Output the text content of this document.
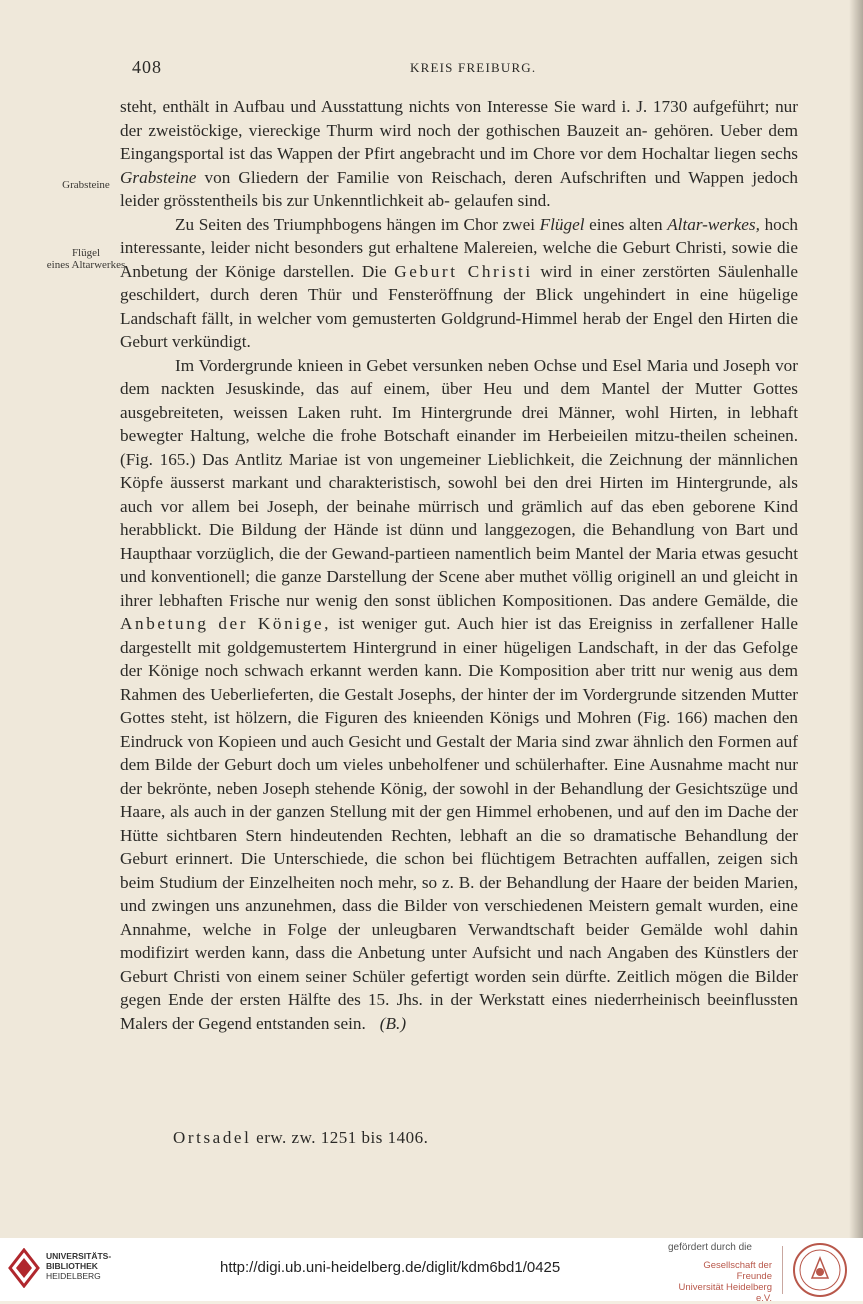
408	KREIS FREIBURG.
Grabsteine
Flügel
eines Altarwerkes

steht, enthält in Aufbau und Ausstattung nichts von Interesse Sie ward i. J. 1730 aufgeführt; nur der zweistöckige, viereckige Thurm wird noch der gothischen Bauzeit an- gehören. Ueber dem Eingangsportal ist das Wappen der Pfirt angebracht und im Chore vor dem Hochaltar liegen sechs Grabsteine von Gliedern der Familie von Reischach, deren Aufschriften und Wappen jedoch leider grösstentheils bis zur Unkenntlichkeit ab- gelaufen sind.

Zu Seiten des Triumphbogens hängen im Chor zwei Flügel eines alten Altar-werkes, hoch interessante, leider nicht besonders gut erhaltene Malereien, welche die Geburt Christi, sowie die Anbetung der Könige darstellen. Die Geburt Christi wird in einer zerstörten Säulenhalle geschildert, durch deren Thür und Fensteröffnung der Blick ungehindert in eine hügelige Landschaft fällt, in welcher vom gemusterten Goldgrund-Himmel herab der Engel den Hirten die Geburt verkündigt.

Im Vordergrunde knieen in Gebet versunken neben Ochse und Esel Maria und Joseph vor dem nackten Jesuskinde, das auf einem, über Heu und dem Mantel der Mutter Gottes ausgebreiteten, weissen Laken ruht. Im Hintergrunde drei Männer, wohl Hirten, in lebhaft bewegter Haltung, welche die frohe Botschaft einander im Herbeieilen mitzu-theilen scheinen. (Fig. 165.) Das Antlitz Mariae ist von ungemeiner Lieblichkeit, die Zeichnung der männlichen Köpfe äusserst markant und charakteristisch, sowohl bei den drei Hirten im Hintergrunde, als auch vor allem bei Joseph, der beinahe mürrisch und grämlich auf das eben geborene Kind herabblickt. Die Bildung der Hände ist dünn und langgezogen, die Behandlung von Bart und Haupthaar vorzüglich, die der Gewand-partieen namentlich beim Mantel der Maria etwas gesucht und konventionell; die ganze Darstellung der Scene aber muthet völlig originell an und gleicht in ihrer lebhaften Frische nur wenig den sonst üblichen Kompositionen. Das andere Gemälde, die Anbetung der Könige, ist weniger gut. Auch hier ist das Ereigniss in zerfallener Halle dargestellt mit goldgemustertem Hintergrund in einer hügeligen Landschaft, in der das Gefolge der Könige noch schwach erkannt werden kann. Die Komposition aber tritt nur wenig aus dem Rahmen des Ueberlieferten, die Gestalt Josephs, der hinter der im Vordergrunde sitzenden Mutter Gottes steht, ist hölzern, die Figuren des knieenden Königs und Mohren (Fig. 166) machen den Eindruck von Kopieen und auch Gesicht und Gestalt der Maria sind zwar ähnlich den Formen auf dem Bilde der Geburt doch um vieles unbeholfener und schülerhafter. Eine Ausnahme macht nur der bekrönte, neben Joseph stehende König, der sowohl in der Behandlung der Gesichtszüge und Haare, als auch in der ganzen Stellung mit der gen Himmel erhobenen, und auf den im Dache der Hütte sichtbaren Stern hindeutenden Rechten, lebhaft an die so dramatische Behandlung der Geburt erinnert. Die Unterschiede, die schon bei flüchtigem Betrachten auffallen, zeigen sich beim Studium der Einzelheiten noch mehr, so z. B. der Behandlung der Haare der beiden Marien, und zwingen uns anzunehmen, dass die Bilder von verschiedenen Meistern gemalt wurden, eine Annahme, welche in Folge der unleugbaren Verwandtschaft beider Gemälde wohl dahin modifizirt werden kann, dass die Anbetung unter Aufsicht und nach Angaben des Künstlers der Geburt Christi von einem seiner Schüler gefertigt worden sein dürfte. Zeitlich mögen die Bilder gegen Ende der ersten Hälfte des 15. Jhs. in der Werkstatt eines niederrheinisch beeinflussten Malers der Gegend entstanden sein. (B.)

Ortsadel erw. zw. 1251 bis 1406.
UNIVERSITÄTS-
BIBLIOTHEK
HEIDELBERG	http://digi.ub.uni-heidelberg.de/diglit/kdm6bd1/0425
gefördert durch die
Gesellschaft der Freunde
Universität Heidelberg e.V.
